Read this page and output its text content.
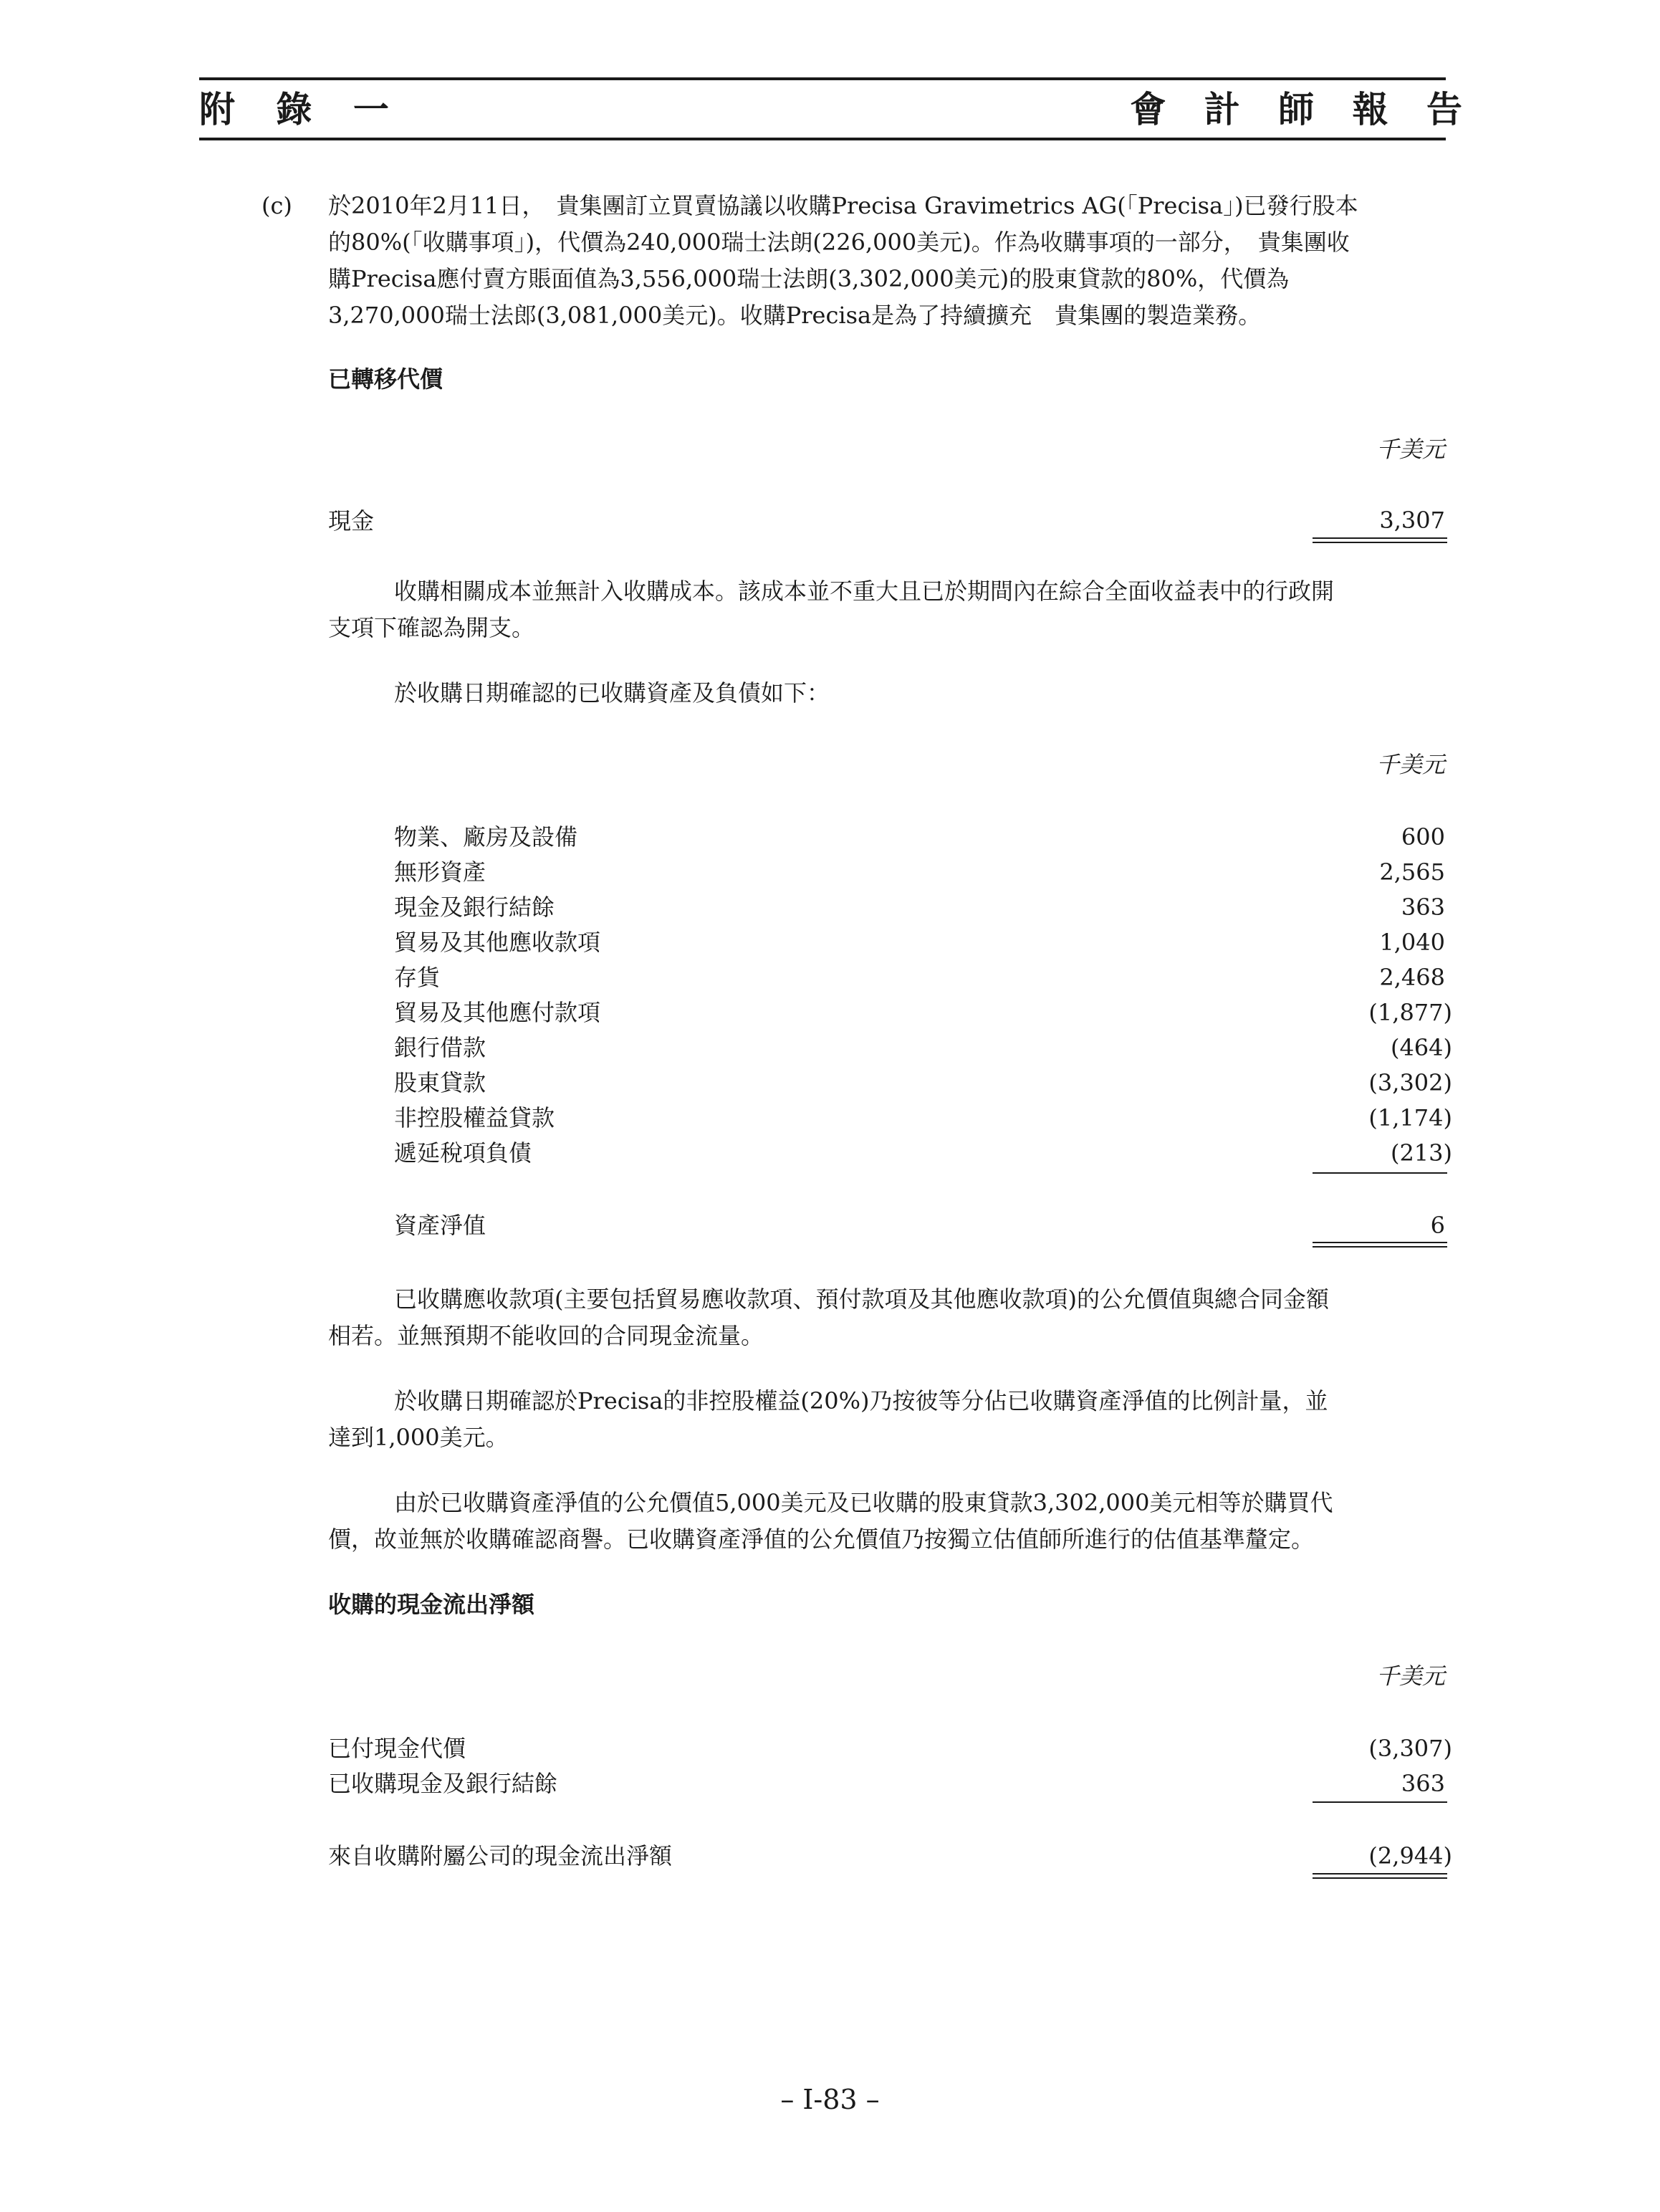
附 錄 一	會 計 師 報 告
(c) 於2010年2月11日，　貴集團訂立買賣協議以收購Precisa Gravimetrics AG(「Precisa」)已發行股本
的80%(「收購事項」)，代價為240,000瑞士法朗(226,000美元)。作為收購事項的一部分，　貴集團收
購Precisa應付賣方賬面值為3,556,000瑞士法朗(3,302,000美元)的股東貸款的80%，代價為
3,270,000瑞士法郎(3,081,000美元)。收購Precisa是為了持續擴充　貴集團的製造業務。
已轉移代價
千美元
現金	3,307
收購相關成本並無計入收購成本。該成本並不重大且已於期間內在綜合全面收益表中的行政開
支項下確認為開支。
於收購日期確認的已收購資產及負債如下：
千美元
物業、廠房及設備	600
無形資產	2,565
現金及銀行結餘	363
貿易及其他應收款項	1,040
存貨	2,468
貿易及其他應付款項	(1,877)
銀行借款	(464)
股東貸款	(3,302)
非控股權益貸款	(1,174)
遞延稅項負債	(213)
資產淨值	6
已收購應收款項(主要包括貿易應收款項、預付款項及其他應收款項)的公允價值與總合同金額
相若。並無預期不能收回的合同現金流量。
於收購日期確認於Precisa的非控股權益(20%)乃按彼等分佔已收購資產淨值的比例計量，並
達到1,000美元。
由於已收購資產淨值的公允價值5,000美元及已收購的股東貸款3,302,000美元相等於購買代
價，故並無於收購確認商譽。已收購資產淨值的公允價值乃按獨立估值師所進行的估值基準釐定。
收購的現金流出淨額
千美元
已付現金代價	(3,307)
已收購現金及銀行結餘	363
來自收購附屬公司的現金流出淨額	(2,944)
– I-83 –
